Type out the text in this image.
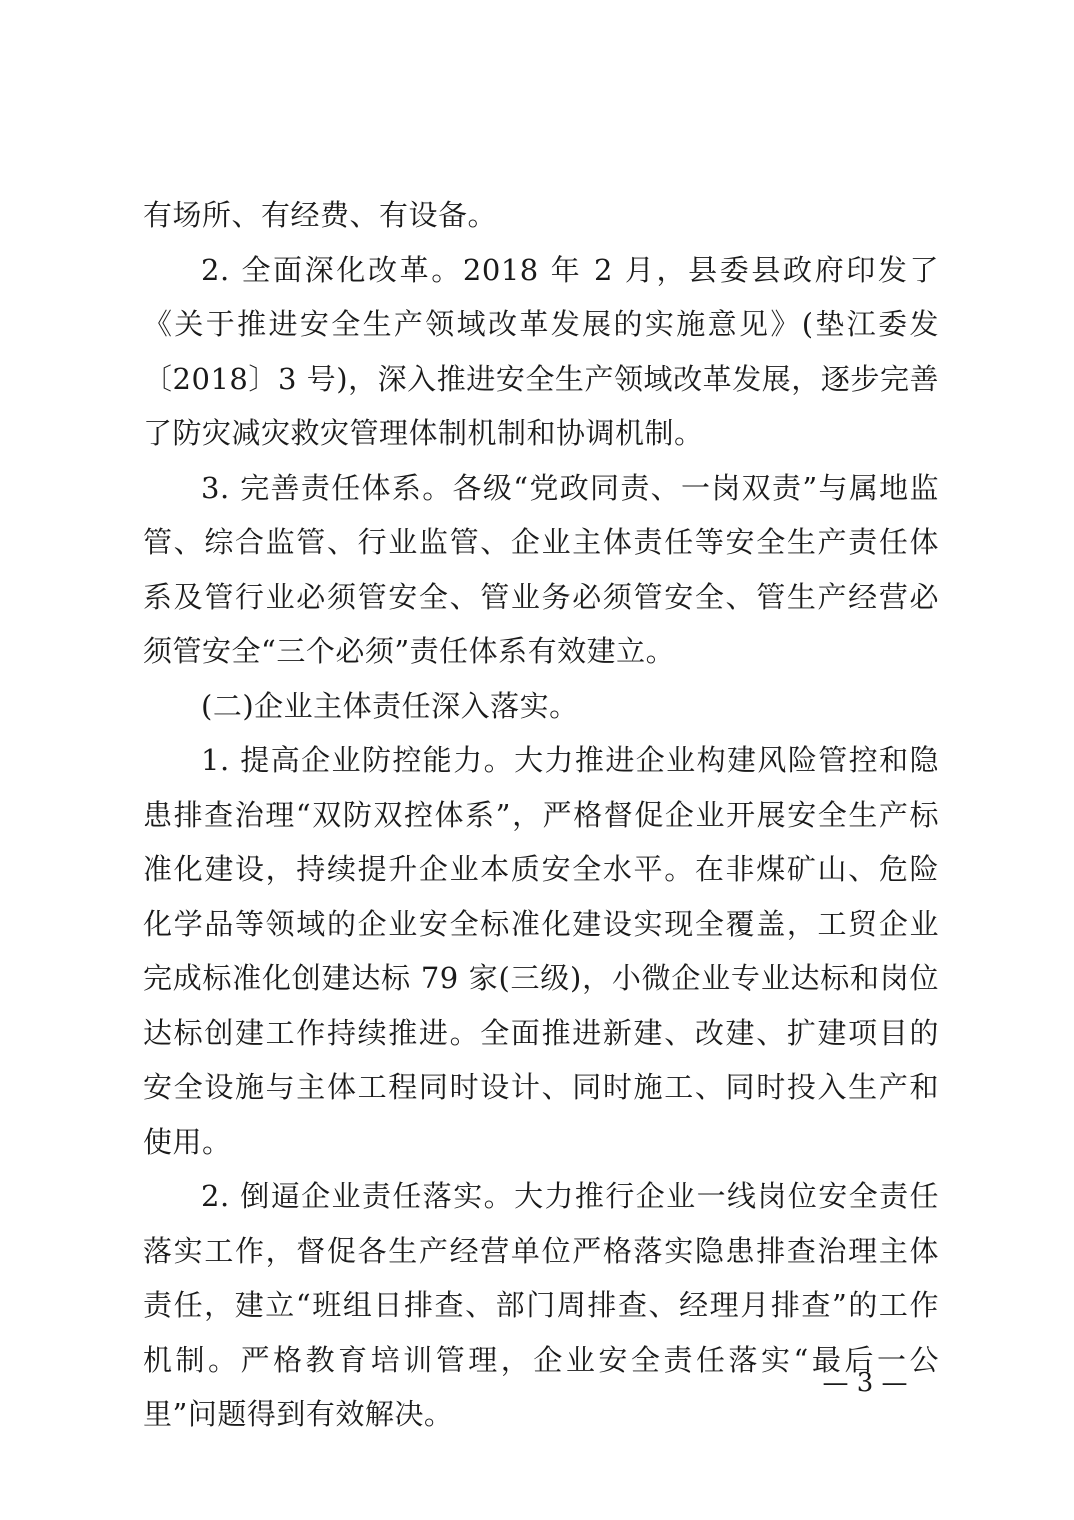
有场所、有经费、有设备。

2. 全面深化改革。2018 年 2 月，县委县政府印发了《关于推进安全生产领域改革发展的实施意见》(垫江委发〔2018〕3 号)，深入推进安全生产领域改革发展，逐步完善了防灾减灾救灾管理体制机制和协调机制。

3. 完善责任体系。各级“党政同责、一岗双责”与属地监管、综合监管、行业监管、企业主体责任等安全生产责任体系及管行业必须管安全、管业务必须管安全、管生产经营必须管安全“三个必须”责任体系有效建立。

(二)企业主体责任深入落实。

1. 提高企业防控能力。大力推进企业构建风险管控和隐患排查治理“双防双控体系”，严格督促企业开展安全生产标准化建设，持续提升企业本质安全水平。在非煤矿山、危险化学品等领域的企业安全标准化建设实现全覆盖，工贸企业完成标准化创建达标 79 家(三级)，小微企业专业达标和岗位达标创建工作持续推进。全面推进新建、改建、扩建项目的安全设施与主体工程同时设计、同时施工、同时投入生产和使用。

2. 倒逼企业责任落实。大力推行企业一线岗位安全责任落实工作，督促各生产经营单位严格落实隐患排查治理主体责任，建立“班组日排查、部门周排查、经理月排查”的工作机制。严格教育培训管理，企业安全责任落实“最后一公里”问题得到有效解决。

— 3 —
